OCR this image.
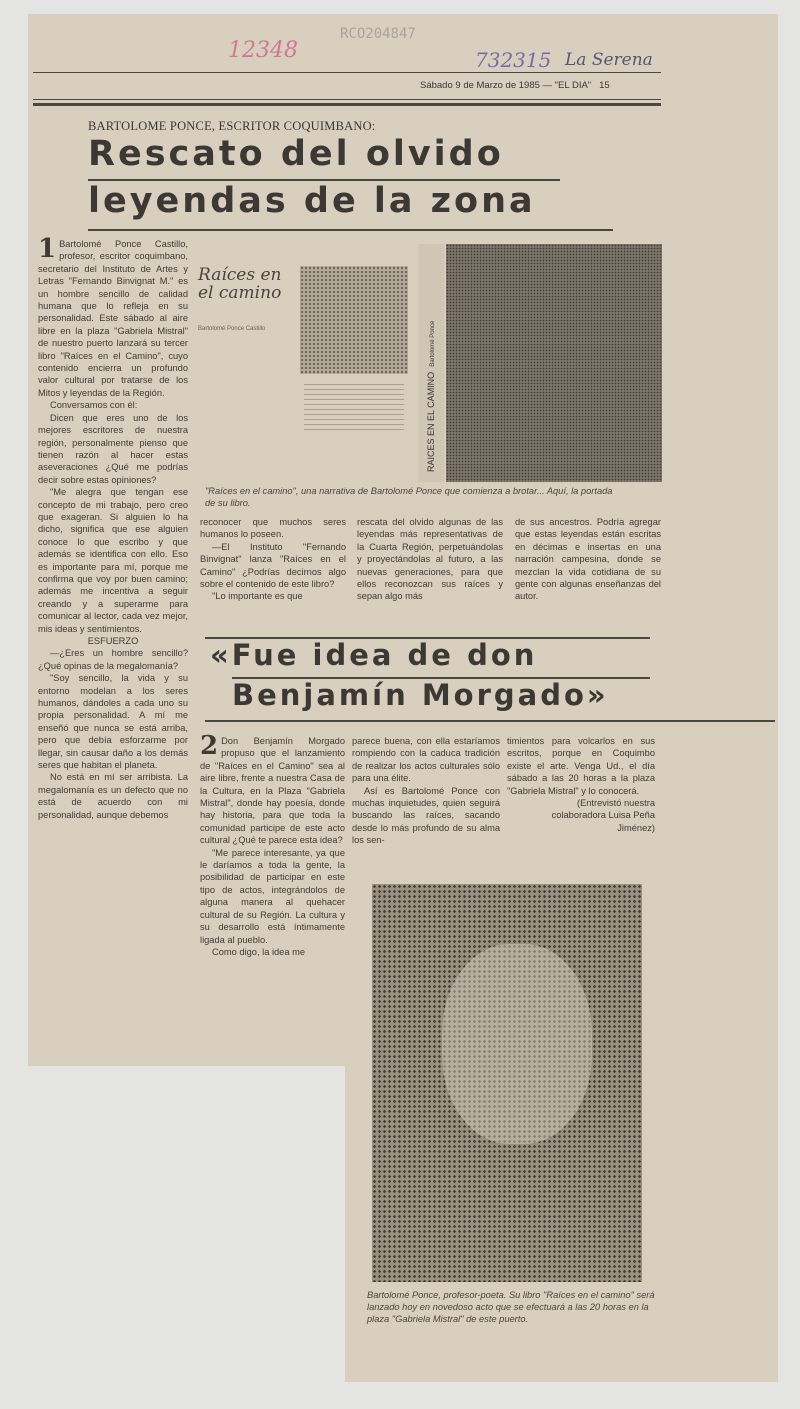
12348
RCO204847
732315 La Serena
Sábado 9 de Marzo de 1985 — "EL DIA" 15
BARTOLOME PONCE, ESCRITOR COQUIMBANO:
Rescato del olvido
leyendas de la zona

1 Bartolomé Ponce Castillo, profesor, escritor coquimbano, secretario del Instituto de Artes y Letras "Fernando Binvignat M." es un hombre sencillo de calidad humana que lo refleja en su personalidad. Este sábado al aire libre en la plaza "Gabriela Mistral" de nuestro puerto lanzará su tercer libro "Raíces en el Camino", cuyo contenido encierra un profundo valor cultural por tratarse de los Mitos y leyendas de la Región.

Conversamos con él:

Dicen que eres uno de los mejores escritores de nuestra región, personalmente pienso que tienen razón al hacer estas aseveraciones ¿Qué me podrías decir sobre estas opiniones?

"Me alegra que tengan ese concepto de mi trabajo, pero creo que exageran. Si alguien lo ha dicho, significa que ese alguien conoce lo que escribo y que además se identifica con ello. Eso es importante para mí, porque me confirma que voy por buen camino; además me incentiva a seguir creando y a superarme para comunicar al lector, cada vez mejor, mis ideas y sentimientos.

ESFUERZO

—¿Eres un hombre sencillo? ¿Qué opinas de la megalomanía?

"Soy sencillo, la vida y su entorno modelan a los seres humanos, dándoles a cada uno su propia personalidad. A mí me enseñó que nunca se está arriba, pero que debía esforzarme por llegar, sin causar daño a los demás seres que habitan el planeta.

No está en mí ser arribista. La megalomanía es un defecto que no está de acuerdo con mi personalidad, aunque debemos

Raíces en el camino
Bartolomé Ponce Castillo
RAICES EN EL CAMINO  Bartolomé Ponce
"Raíces en el camino", una narrativa de Bartolomé Ponce que comienza a brotar... Aquí, la portada de su libro.

reconocer que muchos seres humanos lo poseen.

—El Instituto "Fernando Binvignat" lanza "Raíces en el Camino" ¿Podrías decirnos algo sobre el contenido de este libro?

"Lo importante es que

rescata del olvido algunas de las leyendas más representativas de la Cuarta Región, perpetuándolas y proyectándolas al futuro, a las nuevas generaciones, para que ellos reconozcan sus raíces y sepan algo más

de sus ancestros. Podría agregar que estas leyendas están escritas en décimas e insertas en una narración campesina, donde se mezclan la vida cotidiana de su gente con algunas enseñanzas del autor.

«Fue idea de don
Benjamín Morgado»

2 Don Benjamín Morgado propuso que el lanzamiento de "Raíces en el Camino" sea al aire libre, frente a nuestra Casa de la Cultura, en la Plaza "Gabriela Mistral", donde hay poesía, donde hay historia, para que toda la comunidad participe de este acto cultural ¿Qué te parece esta idea?

"Me parece interesante, ya que le daríamos a toda la gente, la posibilidad de participar en este tipo de actos, integrándolos de alguna manera al quehacer cultural de su Región. La cultura y su desarrollo está íntimamente ligada al pueblo.

Como digo, la idea me

parece buena, con ella estaríamos rompiendo con la caduca tradición de realizar los actos culturales sólo para una élite.

Así es Bartolomé Ponce con muchas inquietudes, quien seguirá buscando las raíces, sacando desde lo más profundo de su alma los sen-

timientos para volcarlos en sus escritos, porque en Coquimbo existe el arte. Venga Ud., el día sábado a las 20 horas a la plaza "Gabriela Mistral" y lo conocerá.

(Entrevistó nuestra colaboradora Luisa Peña

Jiménez)

Bartolomé Ponce, profesor-poeta. Su libro "Raíces en el camino" será lanzado hoy en novedoso acto que se efectuará a las 20 horas en la plaza "Gabriela Mistral" de este puerto.
